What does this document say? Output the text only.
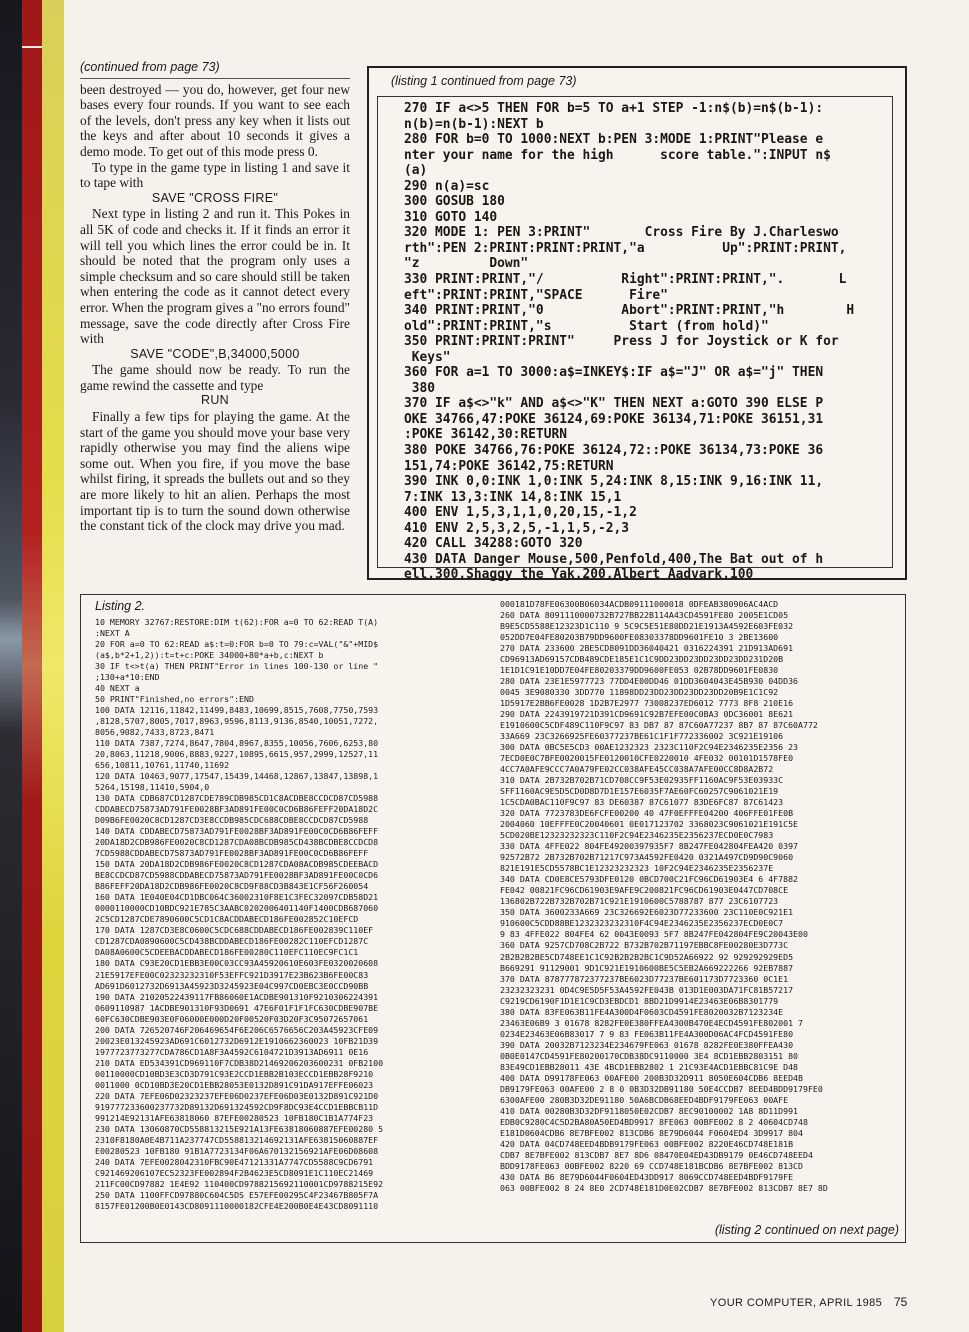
(continued from page 73)

been destroyed — you do, however, get four new bases every four rounds. If you want to see each of the levels, don't press any key when it lists out the keys and after about 10 seconds it gives a demo mode. To get out of this mode press 0.

To type in the game type in listing 1 and save it to tape with

SAVE "CROSS FIRE"

Next type in listing 2 and run it. This Pokes in all 5K of code and checks it. If it finds an error it will tell you which lines the error could be in. It should be noted that the program only uses a simple checksum and so care should still be taken when entering the code as it cannot detect every error. When the program gives a "no errors found" message, save the code directly after Cross Fire with

SAVE "CODE",B,34000,5000

The game should now be ready. To run the game rewind the cassette and type

RUN

Finally a few tips for playing the game. At the start of the game you should move your base very rapidly otherwise you may find the aliens wipe some out. When you fire, if you move the base whilst firing, it spreads the bullets out and so they are more likely to hit an alien. Perhaps the most important tip is to turn the sound down otherwise the constant tick of the clock may drive you mad.

(listing 1 continued from page 73)
270 IF a<>5 THEN FOR b=5 TO a+1 STEP -1:n$(b)=n$(b-1):
n(b)=n(b-1):NEXT b
280 FOR b=0 TO 1000:NEXT b:PEN 3:MODE 1:PRINT"Please e
nter your name for the high      score table.":INPUT n$
(a)
290 n(a)=sc
300 GOSUB 180
310 GOTO 140
320 MODE 1: PEN 3:PRINT"       Cross Fire By J.Charleswo
rth":PEN 2:PRINT:PRINT:PRINT,"a          Up":PRINT:PRINT,
"z         Down"
330 PRINT:PRINT,"/          Right":PRINT:PRINT,".       L
eft":PRINT:PRINT,"SPACE      Fire"
340 PRINT:PRINT,"0          Abort":PRINT:PRINT,"h        H
old":PRINT:PRINT,"s          Start (from hold)"
350 PRINT:PRINT:PRINT"     Press J for Joystick or K for
Keys"
360 FOR a=1 TO 3000:a$=INKEY$:IF a$="J" OR a$="j" THEN
380
370 IF a$<>"k" AND a$<>"K" THEN NEXT a:GOTO 390 ELSE P
OKE 34766,47:POKE 36124,69:POKE 36134,71:POKE 36151,31
:POKE 36142,30:RETURN
380 POKE 34766,76:POKE 36124,72::POKE 36134,73:POKE 36
151,74:POKE 36142,75:RETURN
390 INK 0,0:INK 1,0:INK 5,24:INK 8,15:INK 9,16:INK 11,
7:INK 13,3:INK 14,8:INK 15,1
400 ENV 1,5,3,1,1,0,20,15,-1,2
410 ENV 2,5,3,2,5,-1,1,5,-2,3
420 CALL 34288:GOTO 320
430 DATA Danger Mouse,500,Penfold,400,The Bat out of h
ell,300,Shaggy the Yak,200,Albert Aadvark,100
Listing 2.
10 MEMORY 32767:RESTORE:DIM t(62):FOR a=0 TO 62:READ T(A)
:NEXT A
20 FOR a=0 TO 62:READ a$:t=0:FOR b=0 TO 79:c=VAL("&"+MID$
(a$,b*2+1,2)):t=t+c:POKE 34000+80*a+b,c:NEXT b
30 IF t<>t(a) THEN PRINT"Error in lines 100-130 or line "
;130+a*10:END
40 NEXT a
50 PRINT"Finished,no errors":END
100 DATA 12116,11842,11499,8483,10699,8515,7608,7750,7593
,8128,5707,8005,7017,8963,9596,8113,9136,8540,10051,7272,
8056,9082,7433,8723,8471
110 DATA 7387,7274,8647,7804,8967,8355,10056,7606,6253,80
20,8063,11218,9006,8883,9227,10895,6615,957,2999,12527,11
656,10811,10761,11740,11692
120 DATA 10463,9077,17547,15439,14468,12867,13847,13898,1
5264,15198,11410,5904,0
130 DATA CDB687CD1287CDE789CDB985CD1C8ACDBE8CCDCD87CD5988
CDDABECD75873AD791FE0028BF3AD891FE00C0CD6B86FEFF20DA18D2C
D09B6FE0020C8CD1287CD3E8CCDB985CDC688CDBE8CCDCD87CD5988
140 DATA CDDABECD75873AD791FE0028BF3AD891FE00C0CD6B86FEFF
20DA18D2CDB986FE0020C8CD1287CDA08BCDB985CD438BCDBE8CCDCD8
7CD5988CDDABECD75873AD791FE0028BF3AD891FE00C0CD6B86FEFF
150 DATA 20DA18D2CDB986FE0020C8CD1287CDA08ACDB985CDEEBACD
BE8CCDCD87CD5988CDDABECD75873AD791FE0028BF3AD891FE00C0CD6
B86FEFF20DA18D2CDB986FE0020C8CD9F88CD3B843E1CF56F260054
160 DATA 1E040E04CD1DBC064C36002310F8E1C3FEC32097CDB58D21
0000110000CD10BDC921E785C3AABC0202006401140F1400CDB687060
2C5CD1287CDE7890600C5CD1C8ACDDABECD186FE002852C10EFCD
170 DATA 1287CD3E8C0600C5CDC688CDDABECD186FE002839C110EF
CD1287CDA0890600C5CD438BCDDABECD186FE00282C110EFCD1287C
DA08A0600C5CDEEBACDDABECD186FE00280C110EFC110EC9FC1C1
180 DATA C93E20CD1EBB3E00C03CC93A45920610E603FE0320020608
21E5917EFE00C02323232310F53EFFC921D3917E23B623B6FE00C83
AD691D6012732D6913A45923D3245923E04C997CD0EBC3E0CCD90BB
190 DATA 21020522439117FB86060E1ACDBE901310F9210306224391
0609110987 1ACDBE901310F93D0691 47E6F01F1F1FC630CDBE907BE
60FC630CDBE903E0F06000E000D20F00520F03D20F3C95072657061
200 DATA 726520746F206469654F6E206C6576656C203A45923CFE09
20023E013245923AD691C6012732D6912E1910662360023 10FB21D39
1977723773277CDA786CD1A8F3A4592C6104721D3913AD6911 0E16
210 DATA ED534391CD969110F7CDB38D21469206203600231 0FB2100
00110000CD10BD3E3CD3D791C93E2CCD1EBB2B103ECCD1EBB28F9210
0011000 0CD10BD3E20CD1EBB28053E0132D891C91DA917EFFE06023
220 DATA 7EFE06D02323237EFE06D0237EFE06D03E0132D891C921D0
919777233600237732D89132D691324592CD9F8DC93E4CCD1EBBCB11D
991214E92131AFE63818060 87EFE00280523 10FB180C1B1A774F23
230 DATA 13060870CD558813215E921A13FE63818060887EFE00280 5
2310F8180A0E4B711A237747CD558813214692131AFE63815060887EF
E00280523 10FB180 91B1A7723134F06A670132156921AFE06D08608
240 DATA 7EFE0028042310FBC90E47121331A7747CD5588C9CD6791
C921469206107EC52323FE002894F2B4623E5CD8091E1C110EC21469
211FC00CD97882 1E4E92 110400CD9788215692110001CD9788215E92
250 DATA 1100FFCD97880C604C5DS E57EFE00295C4F23467B805F7A
8157FE01200B0E0143CD8091110000182CFE4E200B0E4E43CD8091110
000181D78FE06300B06034ACDB09111000018 0DFEAB380906AC4ACD
260 DATA 8091110000732B727BB22B114A43CD4591FE80 2005E1CD05
B9E5CD5588E12323D1C110 9 5C9C5E51E80DD21E1913A4592E603FE032
052DD7E04FE80203B79DD9600FE08303378DD9601FE10 3 2BE13600
270 DATA 233600 2BE5CD8091DD36040421 0316224391 21D913AD691
CD96913AD69157CDB489CDE185E1C1C9DD23DD23DD23DD23DD231D20B
1E1D1C91E10DD7E04FE80203379DD9600FE053 02B78DD9601FE0830
280 DATA 23E1E5977723 77DD4E00DD46 01DD3604043E45B930 04DD36
0045 3E9080330 3DD770 11898DD23DD23DD23DD23DD20B9E1C1C92
1D5917E2BB6FE0028 1D2B7E2977 73008237ED6012 7773 8F8 210E16
290 DATA 2243919721D391CD9691C92B7EFE00C0BA3 0DC36001 8E621
E1910600C5CDF489C110F9C97 83 DB7 87 87C60A77237 8B7 87 87C60A772
33A669 23C3266925FE60377237BE61C1F1F772336002 3C921E19106
300 DATA 0BC5E5CD3 00AE1232323 2323C110F2C94E2346235E2356 23
7ECD0E0C7BFE0020015FE0120010CFE0220010 4FE032 00101D1578FE0
4CC7A0AFE9CCC7A0A79FE02CC038AFE45CC038A7AFE00CC8D8A2B72
310 DATA 2B732B702B71CD708CC9F53E02935FF1160AC9F53E03933C
SFF1160AC9E5D5CD0D8D7D1E157E6035F7AE60FC60257C9061021E19
1C5CDA0BAC110F9C97 83 DE60387 87C61077 83DE6FC87 87C61423
320 DATA 7723783DE6FCFE00200 40 47F0EFFFE04200 406FFE01FE0B
2004060 10EFFFE0C20040601 0E017123702 3368023C9061021E191C5E
5CD020BE12323232323C110F2C94E2346235E2356237ECD0E0C7983
330 DATA 4FFE022 804FE49200397935F7 8B247FE042804FEA420 0397
92572B72 2B732B702B71217C973A4592FE0420 0321A497CD9D90C9060
821E191E5CD5578BC1E12323232323 10F2C94E2346235E2356237E
340 DATA CD0E8CE5793DFE0120 0BCD700C21FC96CD61903E4 6 4F7882
FE042 00821FC96CD61903E9AFE9C200821FC96CD61903E0447CD708CE
136802B722B732B702B71C921E1910600C5788787 877 23C6107723
350 DATA 3600233A669 23C326692E6023D77233600 23C110E0C921E1
910600C5CDD88BE1232323232310F4C94E2346235E2356237ECD0E0C7
9 83 4FFE022 804FE4 62 0043E0093 5F7 8B247FE042804FE9C20043E00
360 DATA 9257CD708C2B722 B732B702B71197EBBC8FE00280E3D773C
2B2B2B2BE5CD748EE1C1C92B2B2B2BC1C9D52A66922 92 929292929ED5
B669291 91129001 9D1C921E1910600BE5C5EB2A669222266 92EB7887
370 DATA 878777872377237BE6023D77237BE601173D7723360 0C1E1
23232323231 0D4C9E5D5F53A4592FE043B 013D1E003DA71FC81B57217
C9219CD6190F1D1E1C9CD3EBDCD1 8BD21D9914E23463E06B8301779
380 DATA 83FE063B11FE4A300D4F0603CD4591FE8020032B7123234E
23463E06B9 3 01678 8282FE0E380FFEA4300B470E4ECD4591FE802001 7
0234E23463E06B83017 7 9 83 FE063B11FE4A300D06AC4FCD4591FE80
390 DATA 20032B7123234E234679FE063 01678 8282FE0E380FFEA430
0B0E0147CD4591FE80200170CDB38DC9110000 3E4 8CD1EBB2803151 80
83E49CD1EBB28011 43E 4BCD1EBB2802 1 21C93E4ACD1EBBC81C9E D48
400 DATA D99178FE063 00AFE00 200B3D32D911 8050E604CDB6 8EED4B
DB9179FE063 00AFE00 2 8 0 0B3D32DB91180 50E4CCDB7 8EED4BDD9179FE0
6300AFE00 280B3D32DE91180 50A6BCDB68EED4BDF9179FE063 00AFE
410 DATA 00280B3D32DF9118050E02CDB7 8EC90100002 1A8 8D11D991
EDB0C9280C4C5D2BA80A50ED4BD9917 8FE063 00BFE002 8 2 40604CD748
E181D0604CDB6 8E7BFE002 813CDB6 8E79D6044 F0604ED4 3D9917 804
420 DATA 04CD748EED4BDB9179FE063 00BFE002 8220E46CD748E181B
CDB7 8E7BFE002 813CDB7 8E7 8D6 08470E04ED43DB9179 0E46CD748EED4
BDD9178FE063 00BFE002 8220 69 CCD748E181BCDB6 8E7BFE002 813CD
430 DATA B6 8E79D6044F0604ED43DD917 8069CCD748EED4BDF9179FE
063 00BFE002 8 24 8E0 2CD748E181D0E02CDB7 8E7BFE002 813CDB7 8E7 8D
(listing 2 continued on next page)
YOUR COMPUTER, APRIL 1985 75
